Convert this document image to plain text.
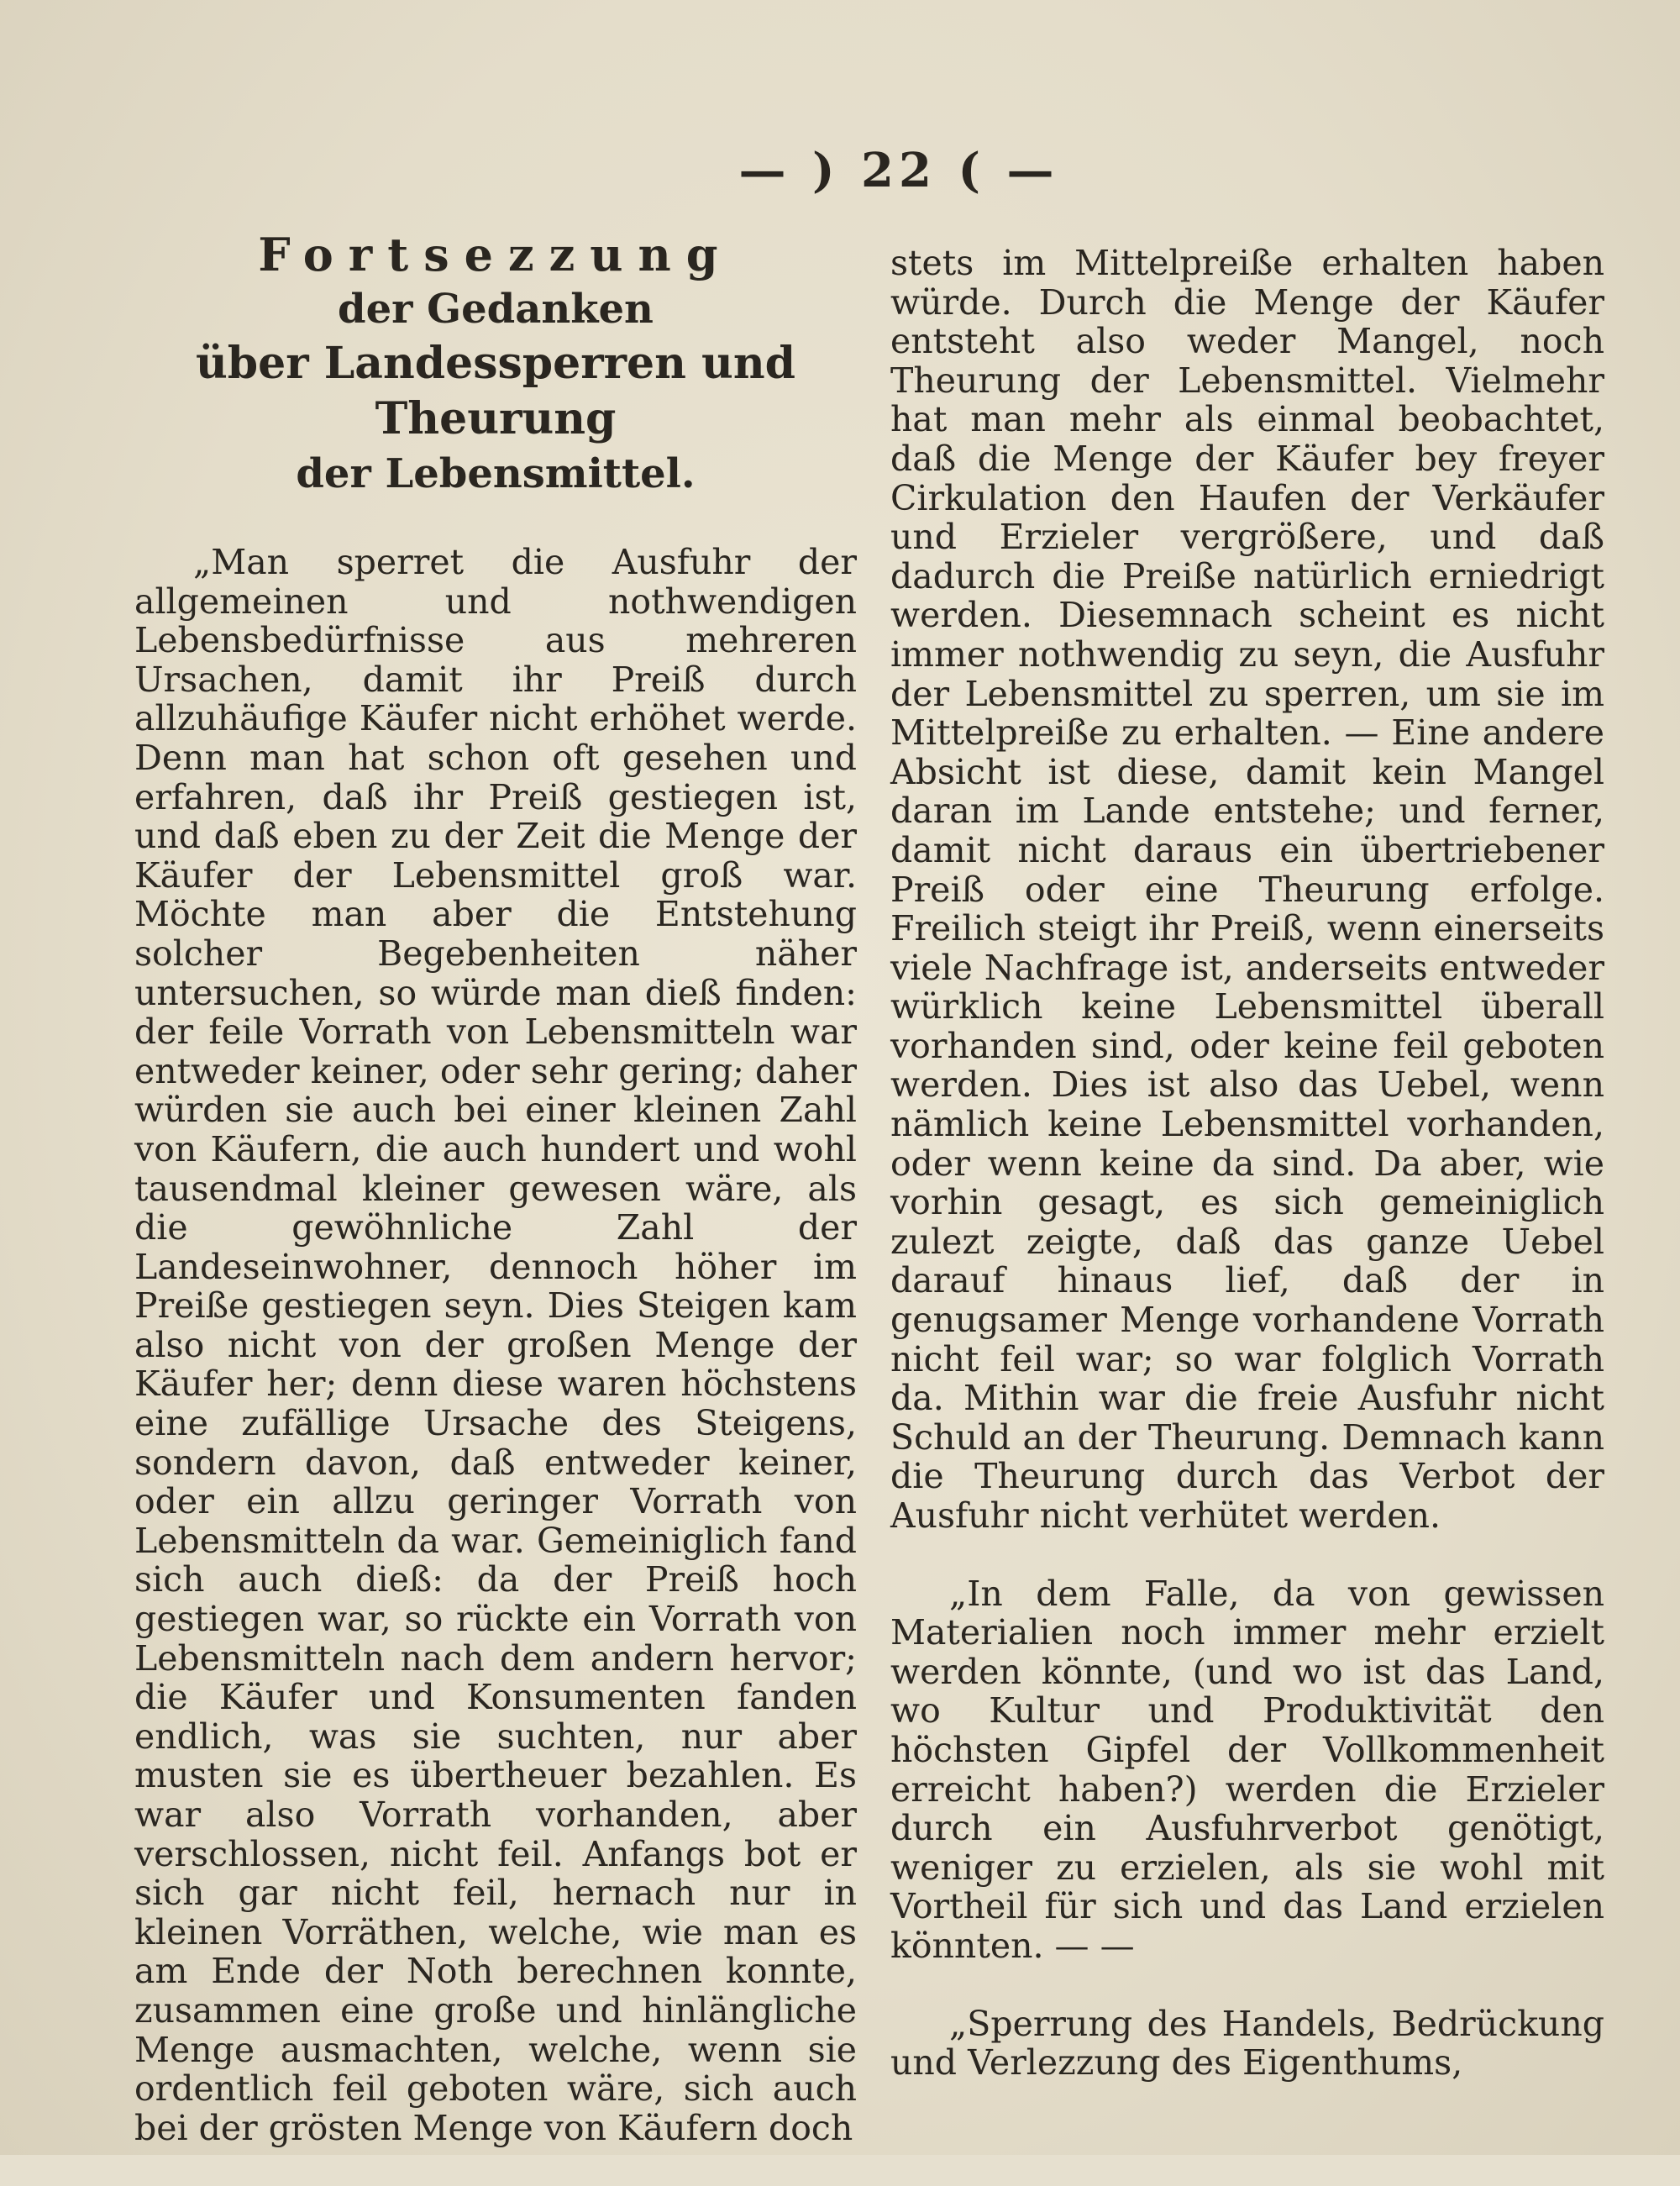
— ) 22 ( —
Fortsezzung
der Gedanken
über Landessperren und Theurung
der Lebensmittel.

„Man sperret die Ausfuhr der allgemeinen und nothwendigen Lebensbedürfnisse aus mehreren Ursachen, damit ihr Preiß durch allzuhäufige Käufer nicht erhöhet werde. Denn man hat schon oft gesehen und erfahren, daß ihr Preiß gestiegen ist, und daß eben zu der Zeit die Menge der Käufer der Lebensmittel groß war. Möchte man aber die Entstehung solcher Begebenheiten näher untersuchen, so würde man dieß finden: der feile Vorrath von Lebensmitteln war entweder keiner, oder sehr gering; daher würden sie auch bei einer kleinen Zahl von Käufern, die auch hundert und wohl tausendmal kleiner gewesen wäre, als die gewöhnliche Zahl der Landeseinwohner, dennoch höher im Preiße gestiegen seyn. Dies Steigen kam also nicht von der großen Menge der Käufer her; denn diese waren höchstens eine zufällige Ursache des Steigens, sondern davon, daß entweder keiner, oder ein allzu geringer Vorrath von Lebensmitteln da war. Gemeiniglich fand sich auch dieß: da der Preiß hoch gestiegen war, so rückte ein Vorrath von Lebensmitteln nach dem andern hervor; die Käufer und Konsumenten fanden endlich, was sie suchten, nur aber musten sie es übertheuer bezahlen. Es war also Vorrath vorhanden, aber verschlossen, nicht feil. Anfangs bot er sich gar nicht feil, hernach nur in kleinen Vorräthen, welche, wie man es am Ende der Noth berechnen konnte, zusammen eine große und hinlängliche Menge ausmachten, welche, wenn sie ordentlich feil geboten wäre, sich auch bei der grösten Menge von Käufern doch

stets im Mittelpreiße erhalten haben würde. Durch die Menge der Käufer entsteht also weder Mangel, noch Theurung der Lebensmittel. Vielmehr hat man mehr als einmal beobachtet, daß die Menge der Käufer bey freyer Cirkulation den Haufen der Verkäufer und Erzieler vergrößere, und daß dadurch die Preiße natürlich erniedrigt werden. Diesemnach scheint es nicht immer nothwendig zu seyn, die Ausfuhr der Lebensmittel zu sperren, um sie im Mittelpreiße zu erhalten. — Eine andere Absicht ist diese, damit kein Mangel daran im Lande entstehe; und ferner, damit nicht daraus ein übertriebener Preiß oder eine Theurung erfolge. Freilich steigt ihr Preiß, wenn einerseits viele Nachfrage ist, anderseits entweder würklich keine Lebensmittel überall vorhanden sind, oder keine feil geboten werden. Dies ist also das Uebel, wenn nämlich keine Lebensmittel vorhanden, oder wenn keine da sind. Da aber, wie vorhin gesagt, es sich gemeiniglich zulezt zeigte, daß das ganze Uebel darauf hinaus lief, daß der in genugsamer Menge vorhandene Vorrath nicht feil war; so war folglich Vorrath da. Mithin war die freie Ausfuhr nicht Schuld an der Theurung. Demnach kann die Theurung durch das Verbot der Ausfuhr nicht verhütet werden.

„In dem Falle, da von gewissen Materialien noch immer mehr erzielt werden könnte, (und wo ist das Land, wo Kultur und Produktivität den höchsten Gipfel der Vollkommenheit erreicht haben?) werden die Erzieler durch ein Ausfuhrverbot genötigt, weniger zu erzielen, als sie wohl mit Vortheil für sich und das Land erzielen könnten. — —

„Sperrung des Handels, Bedrückung und Verlezzung des Eigenthums,
